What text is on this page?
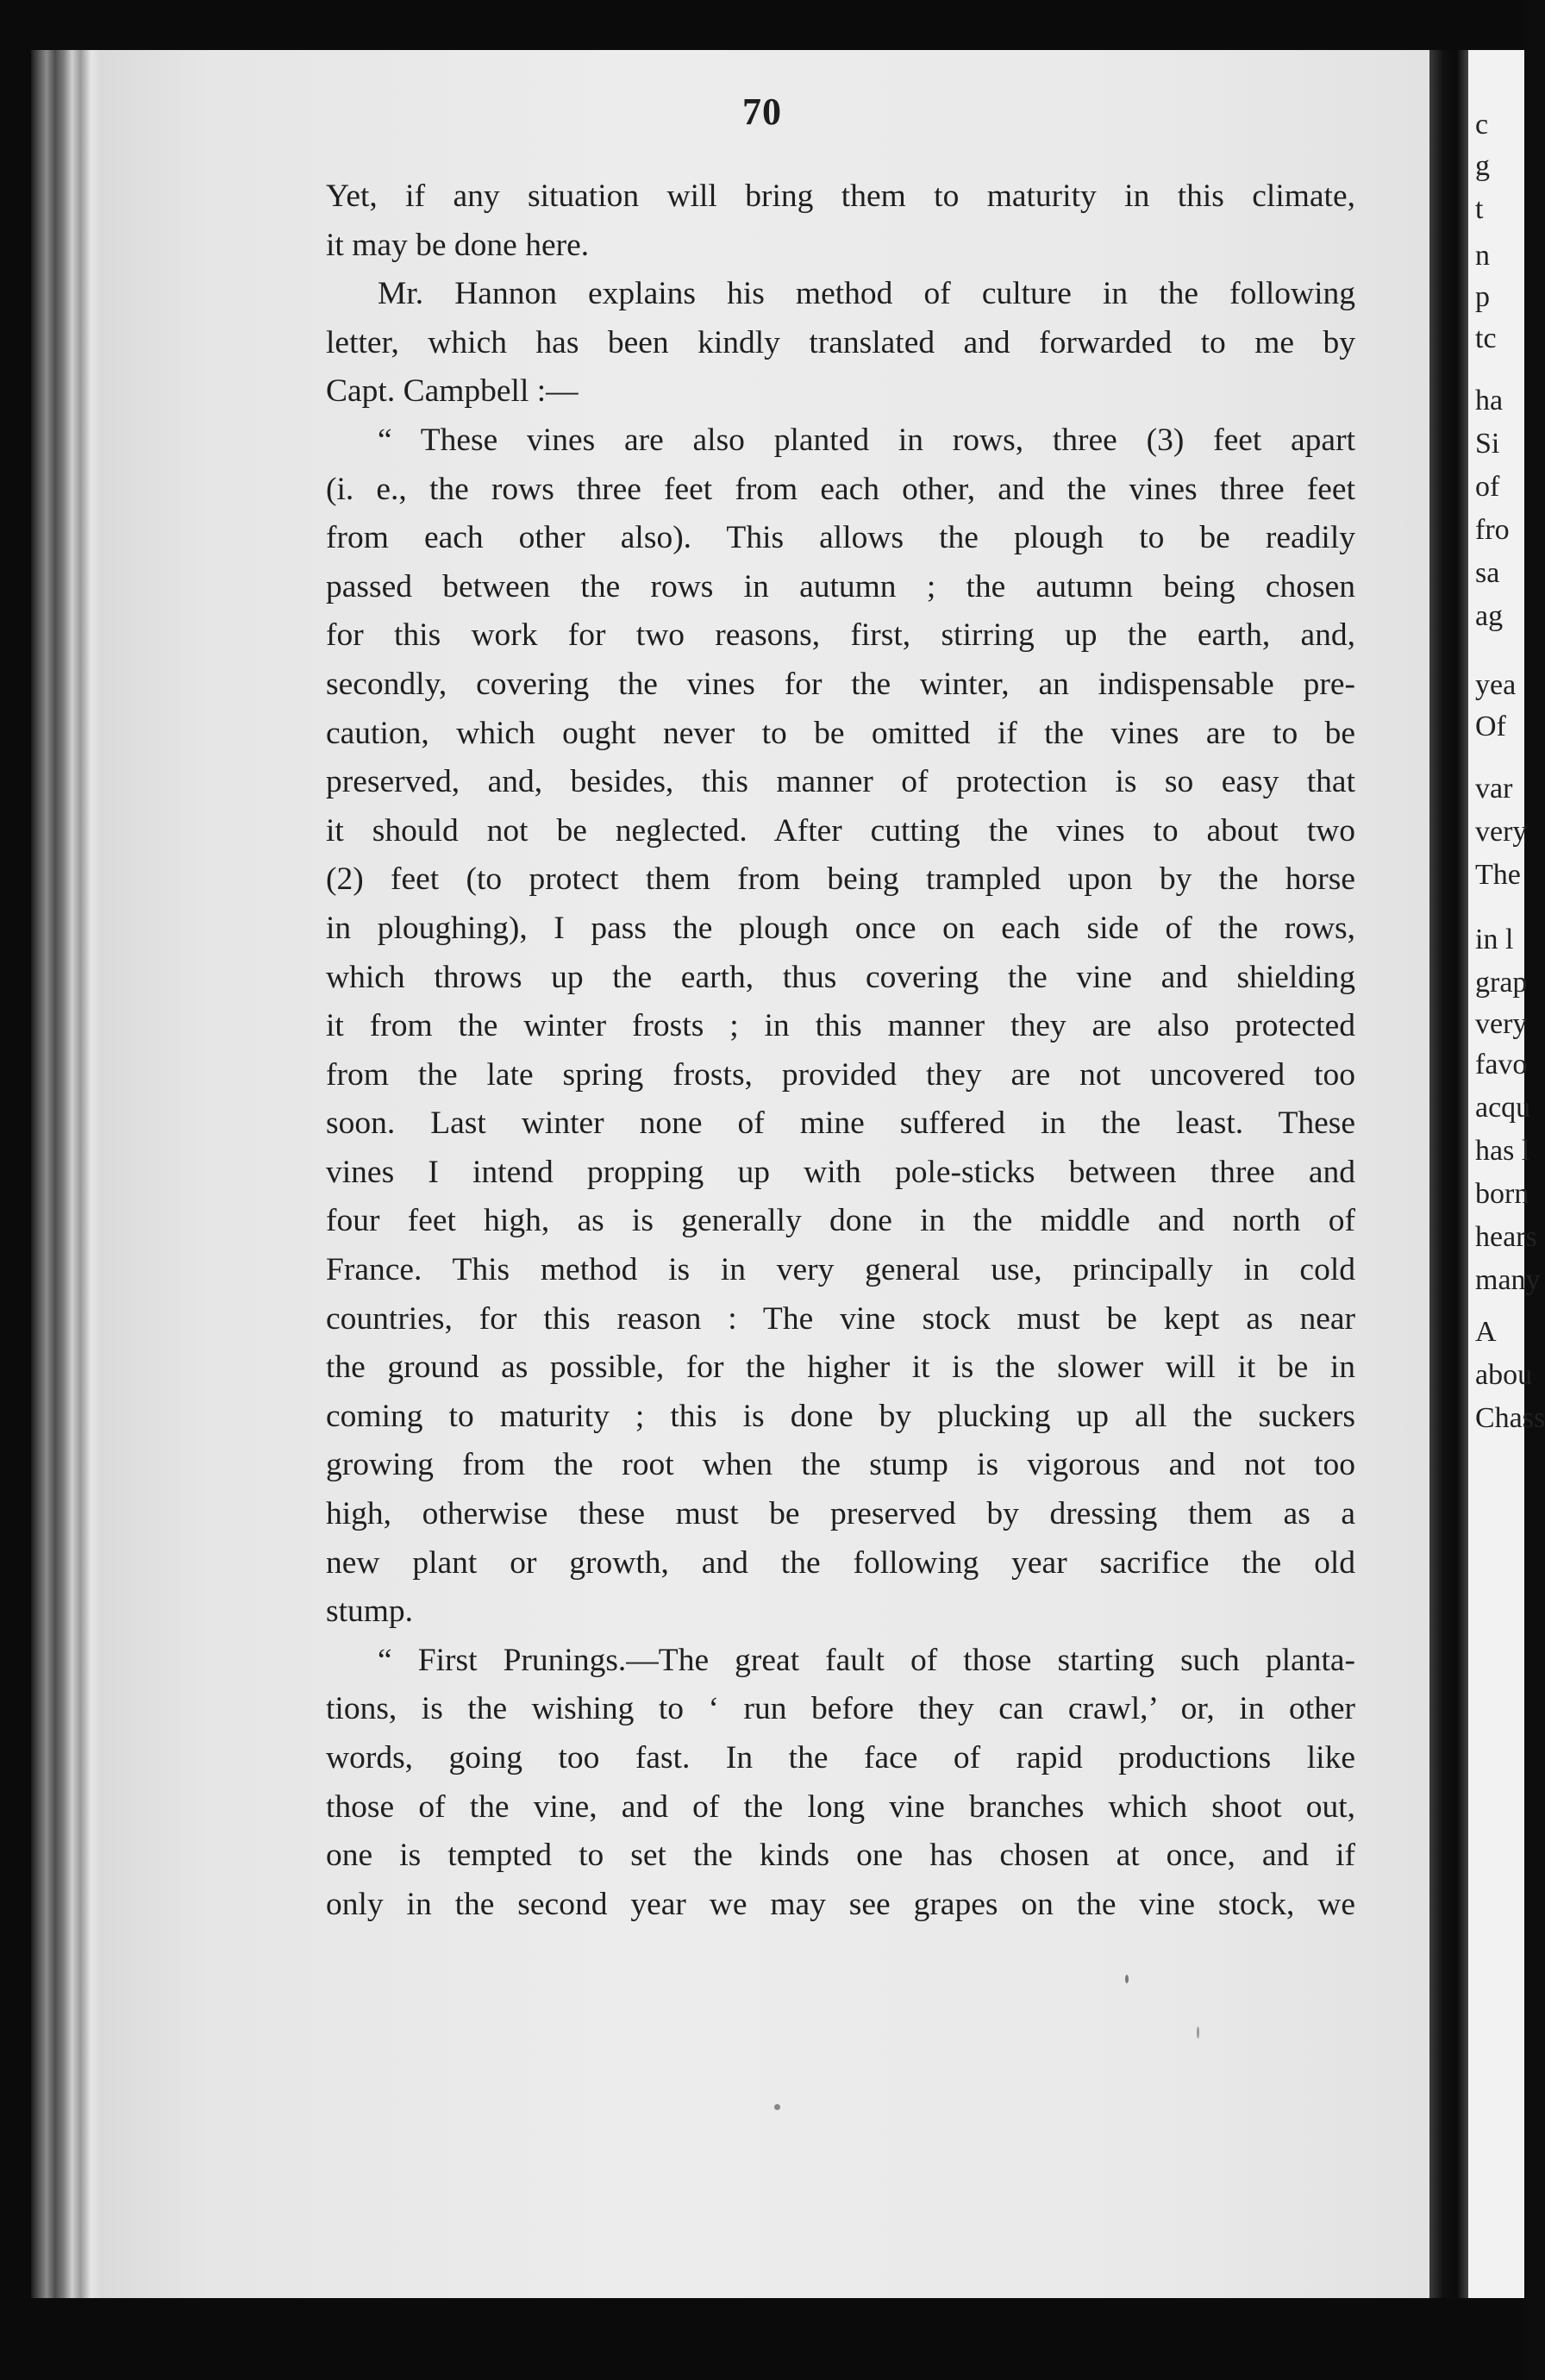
c
g
t
n
p
tc
ha
Si
of
fro
sa
ag
yea
Of
var
very
The
in l
grap
very
favo
acqu
has l
born
hears
many
A
abou
Chass
70
Yet, if any situation will bring them to maturity in this climate,
it may be done here.
Mr. Hannon explains his method of culture in the following
letter, which has been kindly translated and forwarded to me by
Capt. Campbell :—
“ These vines are also planted in rows, three (3) feet apart
(i. e., the rows three feet from each other, and the vines three feet
from each other also). This allows the plough to be readily
passed between the rows in autumn ; the autumn being chosen
for this work for two reasons, first, stirring up the earth, and,
secondly, covering the vines for the winter, an indispensable pre-
caution, which ought never to be omitted if the vines are to be
preserved, and, besides, this manner of protection is so easy that
it should not be neglected. After cutting the vines to about two
(2) feet (to protect them from being trampled upon by the horse
in ploughing), I pass the plough once on each side of the rows,
which throws up the earth, thus covering the vine and shielding
it from the winter frosts ; in this manner they are also protected
from the late spring frosts, provided they are not uncovered too
soon. Last winter none of mine suffered in the least. These
vines I intend propping up with pole-sticks between three and
four feet high, as is generally done in the middle and north of
France. This method is in very general use, principally in cold
countries, for this reason : The vine stock must be kept as near
the ground as possible, for the higher it is the slower will it be in
coming to maturity ; this is done by plucking up all the suckers
growing from the root when the stump is vigorous and not too
high, otherwise these must be preserved by dressing them as a
new plant or growth, and the following year sacrifice the old
stump.
“ First Prunings.—The great fault of those starting such planta-
tions, is the wishing to ‘ run before they can crawl,’ or, in other
words, going too fast. In the face of rapid productions like
those of the vine, and of the long vine branches which shoot out,
one is tempted to set the kinds one has chosen at once, and if
only in the second year we may see grapes on the vine stock, we
